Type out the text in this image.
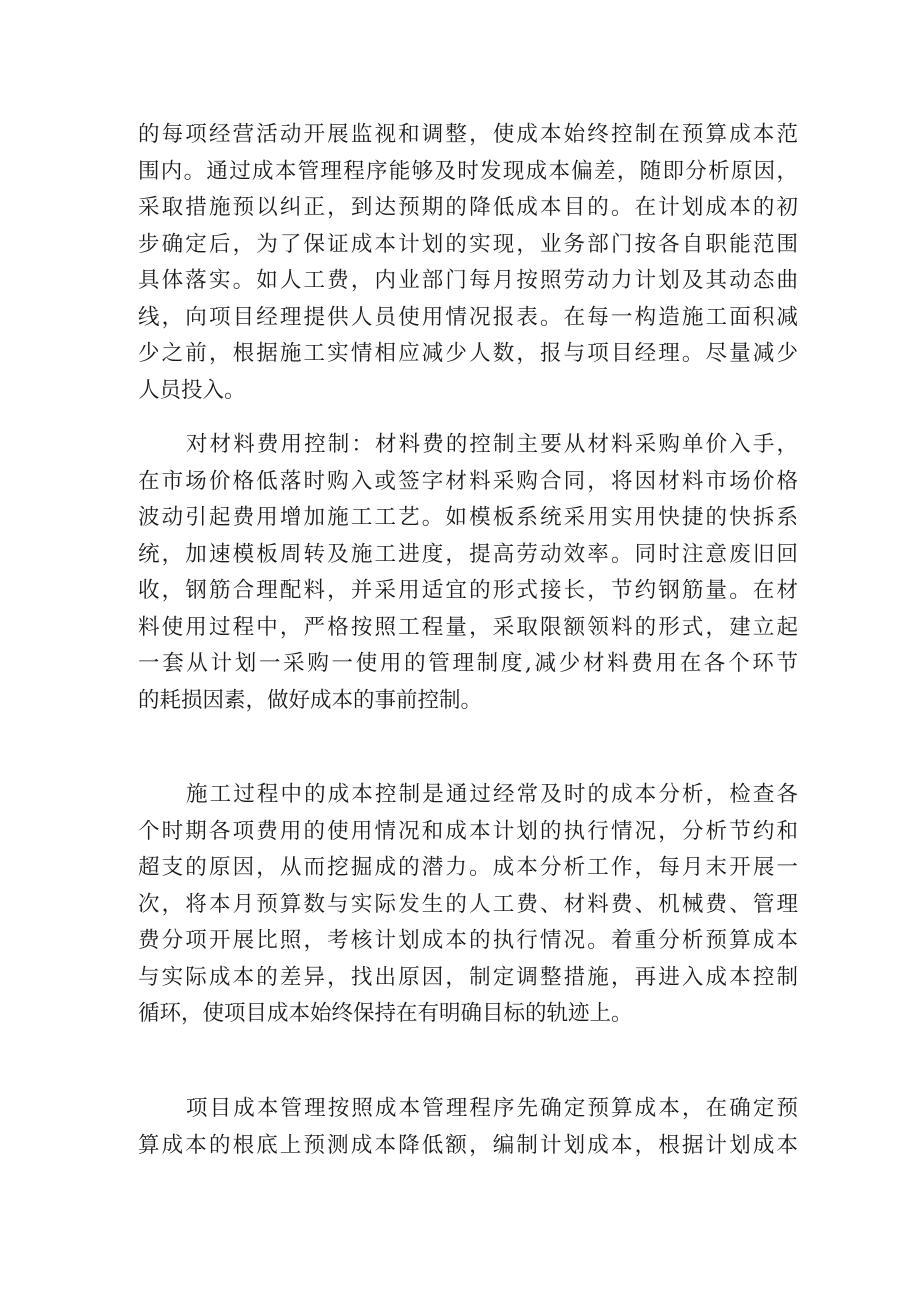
的每项经营活动开展监视和调整，使成本始终控制在预算成本范
围内。通过成本管理程序能够及时发现成本偏差，随即分析原因，
采取措施预以纠正，到达预期的降低成本目的。在计划成本的初
步确定后，为了保证成本计划的实现，业务部门按各自职能范围
具体落实。如人工费，内业部门每月按照劳动力计划及其动态曲
线，向项目经理提供人员使用情况报表。在每一构造施工面积减
少之前，根据施工实情相应减少人数，报与项目经理。尽量减少
人员投入。
对材料费用控制：材料费的控制主要从材料采购单价入手，
在市场价格低落时购入或签字材料采购合同，将因材料市场价格
波动引起费用增加施工工艺。如模板系统采用实用快捷的快拆系
统，加速模板周转及施工进度，提高劳动效率。同时注意废旧回
收，钢筋合理配料，并采用适宜的形式接长，节约钢筋量。在材
料使用过程中，严格按照工程量，采取限额领料的形式，建立起
一套从计划一采购一使用的管理制度,减少材料费用在各个环节
的耗损因素，做好成本的事前控制。
施工过程中的成本控制是通过经常及时的成本分析，检查各
个时期各项费用的使用情况和成本计划的执行情况，分析节约和
超支的原因，从而挖掘成的潜力。成本分析工作，每月末开展一
次，将本月预算数与实际发生的人工费、材料费、机械费、管理
费分项开展比照，考核计划成本的执行情况。着重分析预算成本
与实际成本的差异，找出原因，制定调整措施，再进入成本控制
循环，使项目成本始终保持在有明确目标的轨迹上。
项目成本管理按照成本管理程序先确定预算成本，在确定预
算成本的根底上预测成本降低额，编制计划成本，根据计划成本
